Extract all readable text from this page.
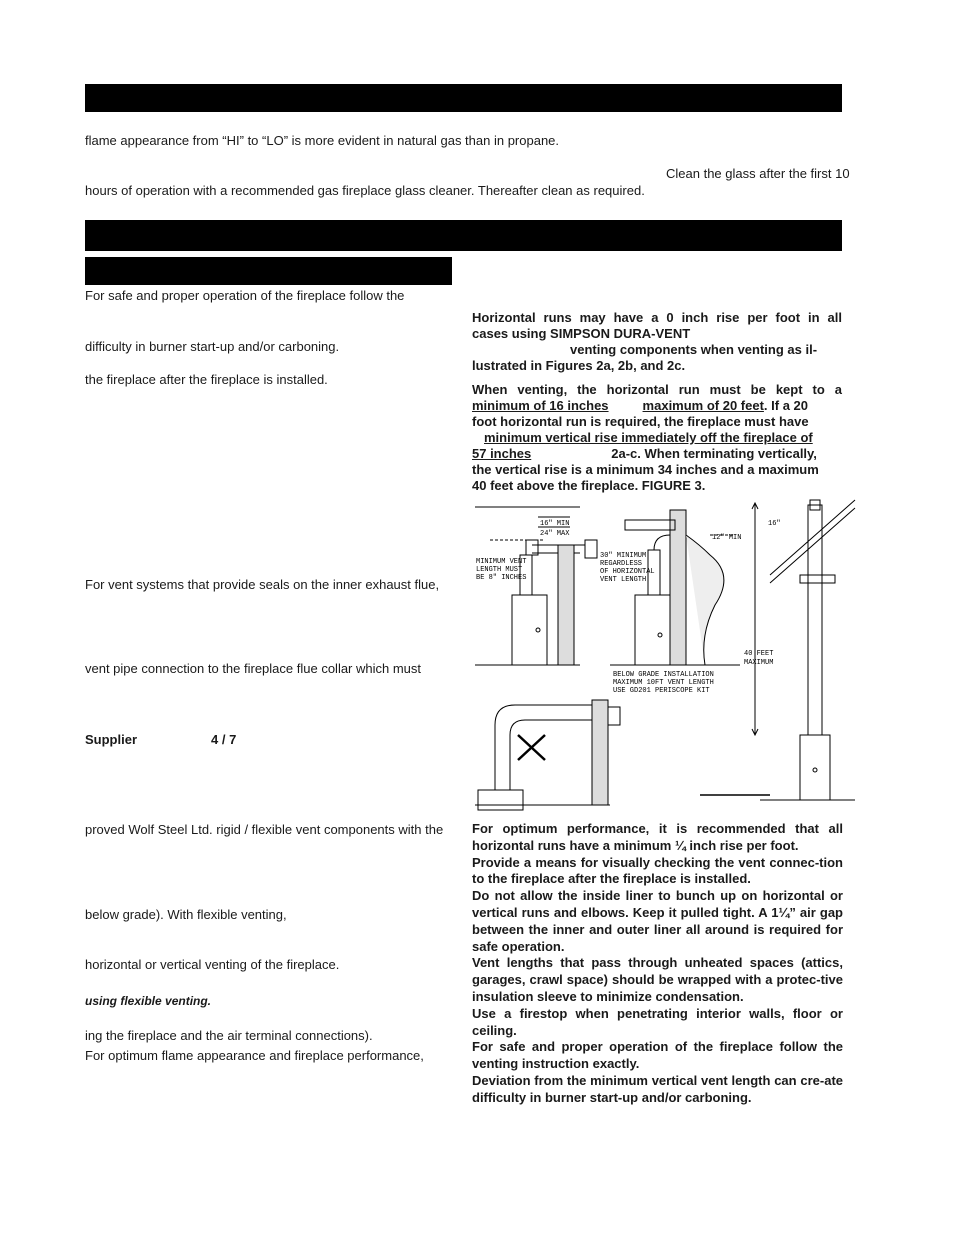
flame appearance from “HI” to “LO” is more evident in natural gas than in propane.

Clean the glass after the first 10

hours of operation with a recommended gas fireplace glass cleaner. Thereafter clean as required.

For safe and proper operation of the fireplace follow the

difficulty in burner start-up and/or carboning.

the fireplace after the fireplace is installed.

For vent systems that provide seals on the inner exhaust flue,

vent pipe connection to the fireplace flue collar which must

Supplier	4 / 7

proved Wolf Steel Ltd. rigid / flexible vent components with the

below grade). With flexible venting,

horizontal or vertical venting of the fireplace.

using flexible venting.

ing the fireplace and the air terminal connections).

For optimum flame appearance and fireplace performance,

Horizontal runs may have a 0 inch rise per foot in all
cases using SIMPSON DURA-VENT
venting components when venting as il-
lustrated in Figures 2a, 2b, and 2c.
When venting, the horizontal run must be kept to a
minimum of 16 inches	maximum of 20 feet. If a 20
foot horizontal run is required, the fireplace must have
minimum vertical rise immediately off the fireplace of
57 inches	2a-c. When terminating vertically,
the vertical rise is a minimum 34 inches and a maximum
40 feet above the fireplace. FIGURE 3.

For optimum performance, it is recommended that all horizontal runs have a minimum ¼ inch rise per foot.

Provide a means for visually checking the vent connec-tion to the fireplace after the fireplace is installed.

Do not allow the inside liner to bunch up on horizontal or vertical runs and elbows. Keep it pulled tight. A 1¼” air gap between the inner and outer liner all around is required for safe operation.

Vent lengths that pass through unheated spaces (attics, garages, crawl space) should be wrapped with a protec-tive insulation sleeve to minimize condensation.

Use a firestop when penetrating interior walls, floor or ceiling.

For safe and proper operation of the fireplace follow the venting instruction exactly.

Deviation from the minimum vertical vent length can cre-ate difficulty in burner start-up and/or carboning.

16" MIN
24" MAX
MINIMUM VENT
LENGTH MUST
BE 8" INCHES
30" MINIMUM
REGARDLESS
OF HORIZONTAL
VENT LENGTH
12" MIN
BELOW GRADE INSTALLATION
MAXIMUM 10FT VENT LENGTH
USE GD201 PERISCOPE KIT
16"
40 FEET
MAXIMUM
